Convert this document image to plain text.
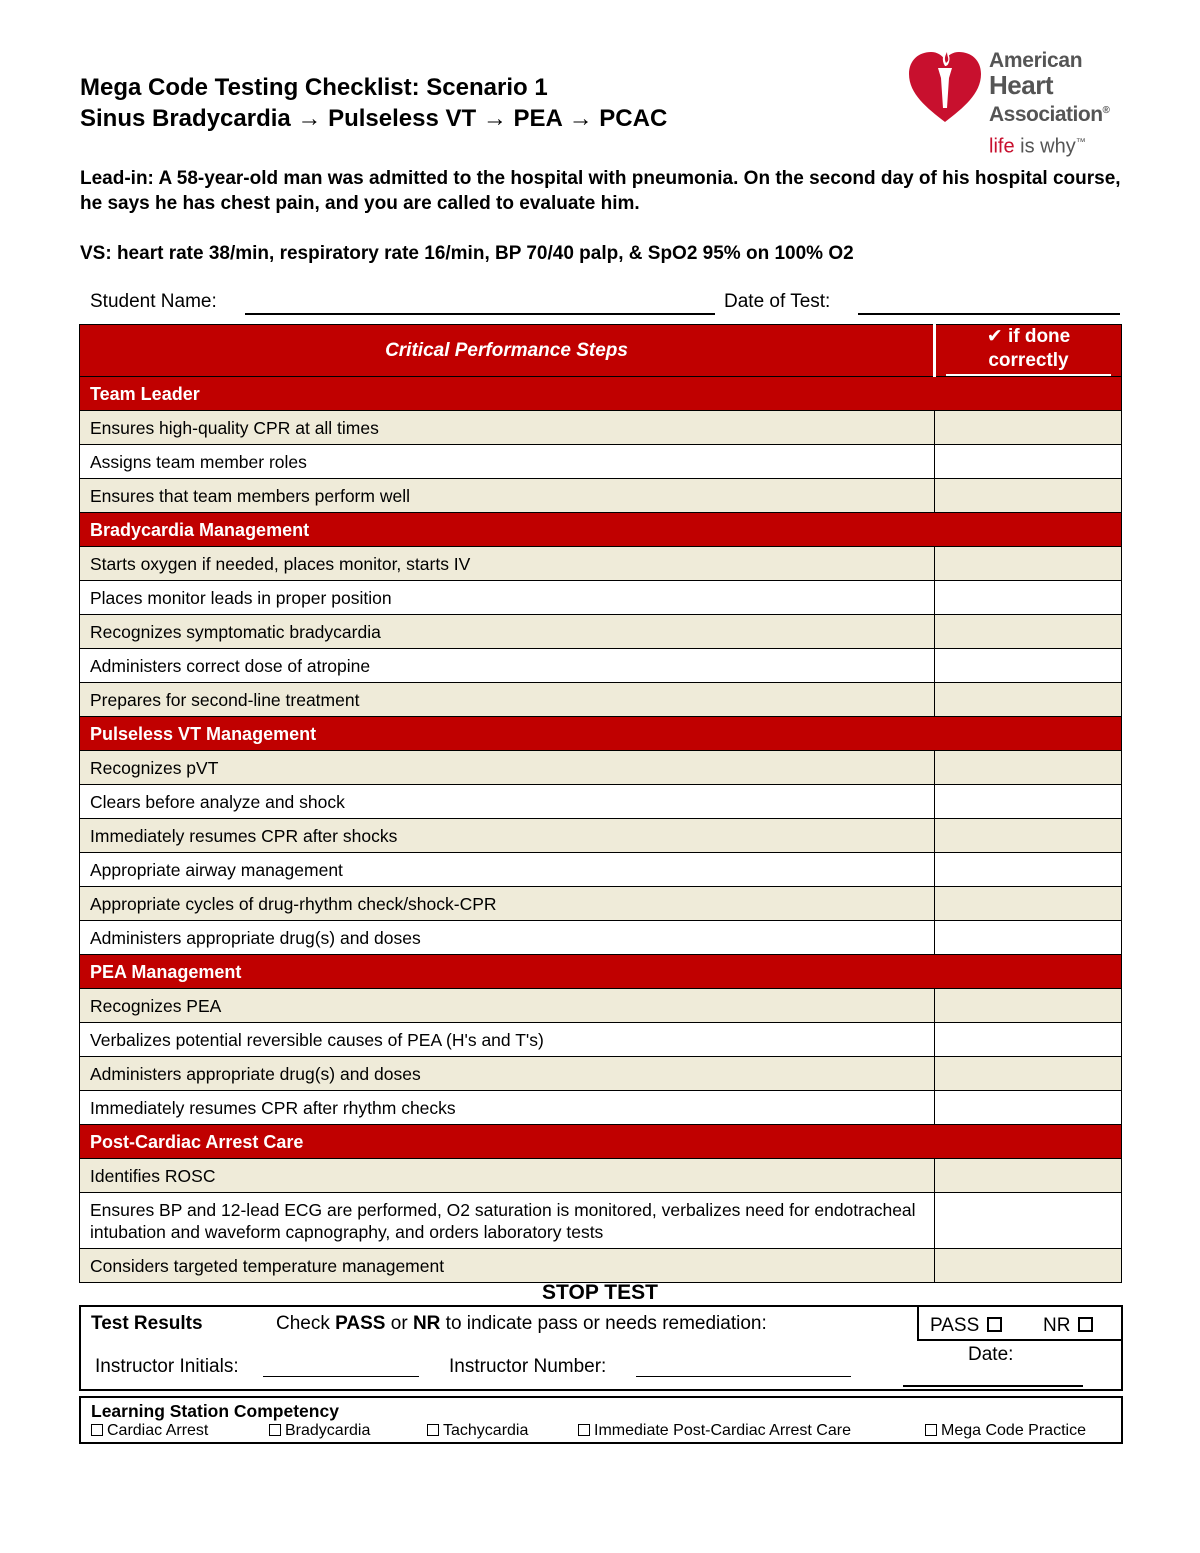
Mega Code Testing Checklist: Scenario 1
Sinus Bradycardia → Pulseless VT → PEA → PCAC
American
Heart
Association®
life is why™
Lead-in: A 58-year-old man was admitted to the hospital with pneumonia. On the second day of his hospital course, he says he has chest pain, and you are called to evaluate him.
VS: heart rate 38/min, respiratory rate 16/min, BP 70/40 palp, & SpO2 95% on 100% O2
Student Name:	Date of Test:
Critical Performance Steps	✔ if done
correctly

Team Leader	
Ensures high-quality CPR at all times	
Assigns team member roles	
Ensures that team members perform well	
Bradycardia Management	
Starts oxygen if needed, places monitor, starts IV	
Places monitor leads in proper position	
Recognizes symptomatic bradycardia	
Administers correct dose of atropine	
Prepares for second-line treatment	
Pulseless VT Management	
Recognizes pVT	
Clears before analyze and shock	
Immediately resumes CPR after shocks	
Appropriate airway management	
Appropriate cycles of drug-rhythm check/shock-CPR	
Administers appropriate drug(s) and doses	
PEA Management	
Recognizes PEA	
Verbalizes potential reversible causes of PEA (H's and T's)	
Administers appropriate drug(s) and doses	
Immediately resumes CPR after rhythm checks	
Post-Cardiac Arrest Care	
Identifies ROSC	
Ensures BP and 12-lead ECG are performed, O2 saturation is monitored, verbalizes need for endotracheal intubation and waveform capnography, and orders laboratory tests	
Considers targeted temperature management	
STOP TEST
Test Results	Check PASS or NR to indicate pass or needs remediation:	PASS	NR
Instructor Initials:	Instructor Number:
Date:
Learning Station Competency
Cardiac Arrest	Bradycardia	Tachycardia	Immediate Post-Cardiac Arrest Care	Mega Code Practice
